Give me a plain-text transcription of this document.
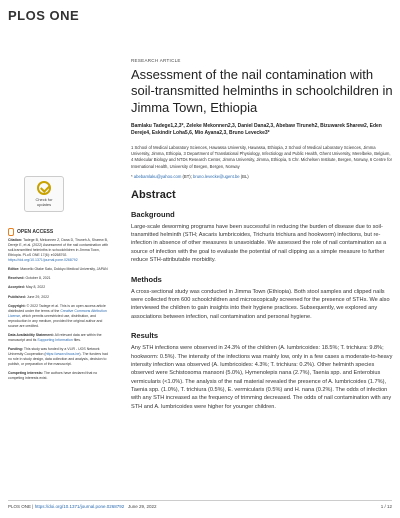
PLOS ONE
Check for
updates
OPEN ACCESS

Citation: Tadege B, Mekonnen Z, Dana D, Tiruneh A, Sharew B, Dereje E, et al. (2022) Assessment of the nail contamination with soil-transmitted helminths in schoolchildren in Jimma Town, Ethiopia. PLoS ONE 17(6): e0268792. https://doi.org/10.1371/journal.pone.0268792

Editor: Marcello Otake Sato, Dokkyo Medical University, JAPAN

Received: October 8, 2021

Accepted: May 8, 2022

Published: June 29, 2022

Copyright: © 2022 Tadege et al. This is an open access article distributed under the terms of the Creative Commons Attribution License, which permits unrestricted use, distribution, and reproduction in any medium, provided the original author and source are credited.

Data Availability Statement: All relevant data are within the manuscript and its Supporting Information files.

Funding: This study was funded by a VLIR - UOS Network University Cooperation (https://www.vliruos.be). The funders had no role in study design, data collection and analysis, decision to publish, or preparation of the manuscript.

Competing interests: The authors have declared that no competing interests exist.

RESEARCH ARTICLE
Assessment of the nail contamination with soil-transmitted helminths in schoolchildren in Jimma Town, Ethiopia
Bamlaku Tadege1,2,3*, Zeleke Mekonnen2,3, Daniel Dana2,3, Abebaw Tiruneh2, Bizuwarek Sharew2, Eden Dereje4, Eskindir Loha5,6, Mio Ayana2,3, Bruno Levecke3*
1 School of Medical Laboratory Sciences, Hawassa University, Hawassa, Ethiopia, 2 School of Medical Laboratory Sciences, Jimma University, Jimma, Ethiopia, 3 Department of Translational Physiology, Infectiology and Public Health, Ghent University, Merelbeke, Belgium, 4 Molecular Biology and NTDs Research Center, Jimma University, Jimma, Ethiopia, 5 Chr. Michelsen Institute, Bergen, Norway, 6 Centre for International Health, University of Bergen, Bergen, Norway
* abebamlaku@yahoo.com (BT); bruno.levecke@ugent.be (BL)
Abstract
Background

Large-scale deworming programs have been successful in reducing the burden of disease due to soil-transmitted helminth (STH; Ascaris lumbricoides, Trichuris trichiura and hookworm) infections, but re-infection in absence of other measures is unavoidable. We assessed the role of nail contamination as a source of infection with the goal to evaluate the potential of nail clipping as a simple measure to further reduce STH-attributable morbidity.

Methods

A cross-sectional study was conducted in Jimma Town (Ethiopia). Both stool samples and clipped nails were collected from 600 schoolchildren and microscopically screened for the presence of STHs. We also interviewed the children to gain insights into their hygiene practices. Subsequently, we explored any associations between infection, nail contamination and personal hygiene.

Results

Any STH infections were observed in 24.3% of the children (A. lumbricoides: 18.5%; T. trichiura: 9.8%; hookworm: 0.5%). The intensity of the infections was mainly low, only in a few cases a moderate-to-heavy intensity infection was observed (A. lumbricoides: 4.3%; T. trichiura: 0.2%). Other helminth species observed were Schistosoma mansoni (5.0%), Hymenolepis nana (2.7%), Taenia spp. and Enterobius vermicularis (<1.0%). The analysis of the nail material revealed the presence of A. lumbricoides (1.7%), Taenia spp. (1.0%), T. trichiura (0.5%), E. vermicularis (0.5%) and H. nana (0.2%). The odds of infection with any STH increased as the frequency of trimming decreased. The odds of nail contamination with any STH and A. lumbricoides were higher for younger children.

PLOS ONE | https://doi.org/10.1371/journal.pone.0268792 June 29, 2022	1 / 12
